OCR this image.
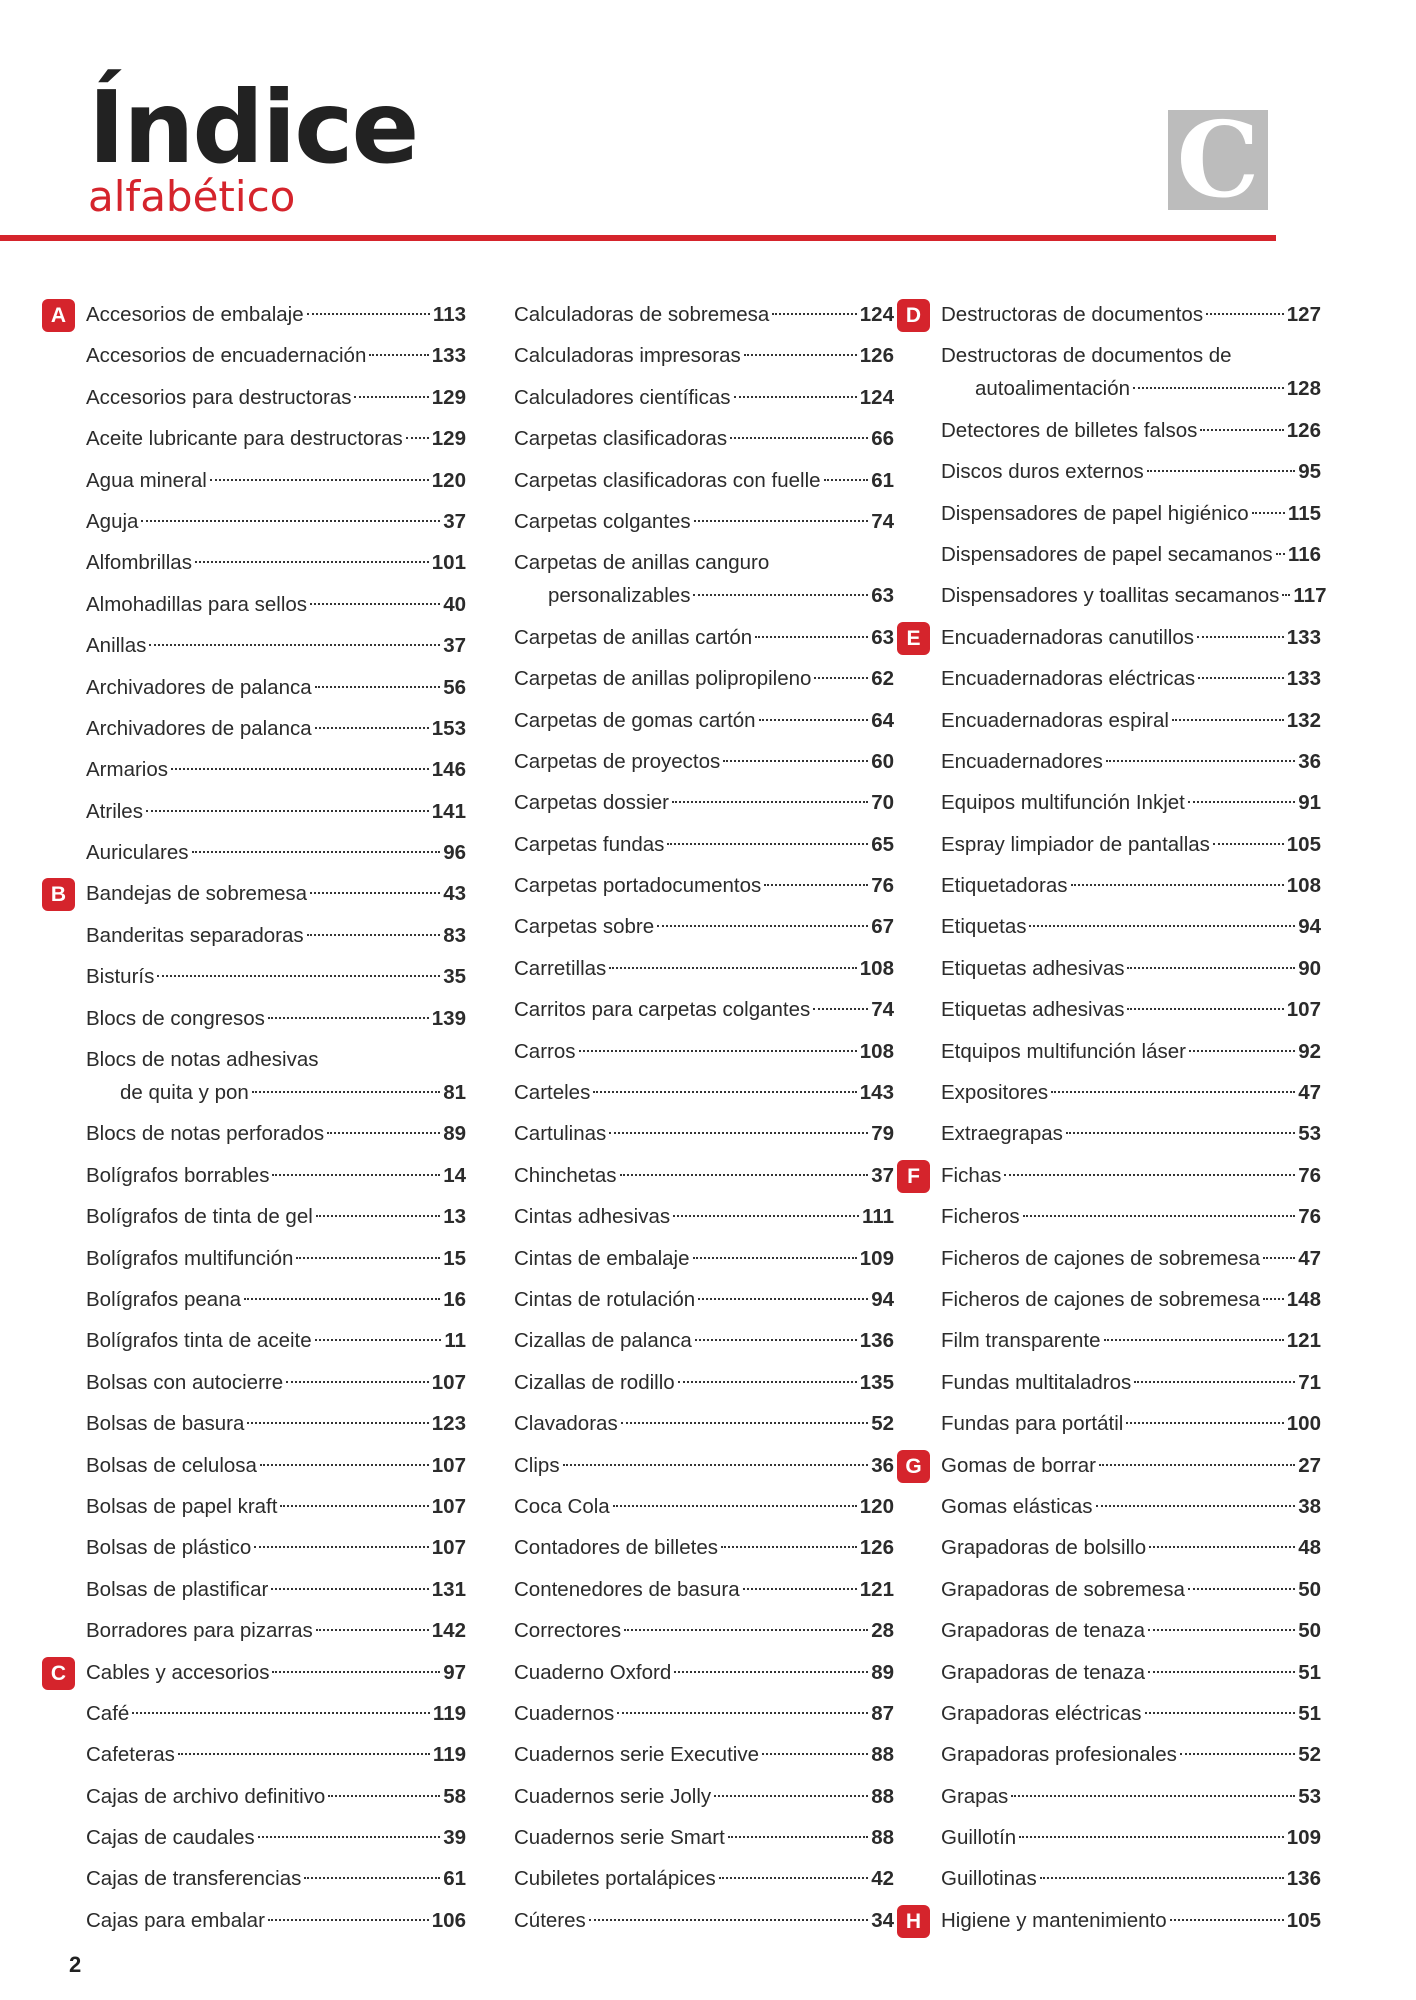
Índice
alfabético	C
A Accesorios de embalaje	113
Accesorios de encuadernación	133
Accesorios para destructoras	129
Aceite lubricante para destructoras 129
Agua mineral	120
Aguja	37
Alfombrillas	101
Almohadillas para sellos	40
Anillas	37
Archivadores de palanca	56
Archivadores de palanca	153
Armarios	146
Atriles	141
Auriculares	96
B Bandejas de sobremesa	43
Banderitas separadoras	83
Bisturís	35
Blocs de congresos	139
Blocs de notas adhesivas
de quita y pon	81
Blocs de notas perforados	89
Bolígrafos borrables	14
Bolígrafos de tinta de gel	13
Bolígrafos multifunción	15
Bolígrafos peana	16
Bolígrafos tinta de aceite	11
Bolsas con autocierre	107
Bolsas de basura	123
Bolsas de celulosa	107
Bolsas de papel kraft	107
Bolsas de plástico	107
Bolsas de plastificar	131
Borradores para pizarras	142
C Cables y accesorios	97
Café	119
Cafeteras	119
Cajas de archivo definitivo	58
Cajas de caudales	39
Cajas de transferencias	61
Cajas para embalar	106
Calculadoras de sobremesa	124
Calculadoras impresoras	126
Calculadores científicas	124
Carpetas clasificadoras	66
Carpetas clasificadoras con fuelle 61
Carpetas colgantes	74
Carpetas de anillas canguro
personalizables	63
Carpetas de anillas cartón	63
Carpetas de anillas polipropileno	62
Carpetas de gomas cartón	64
Carpetas de proyectos	60
Carpetas dossier	70
Carpetas fundas	65
Carpetas portadocumentos	76
Carpetas sobre	67
Carretillas	108
Carritos para carpetas colgantes	74
Carros	108
Carteles	143
Cartulinas	79
Chinchetas	37
Cintas adhesivas	111
Cintas de embalaje	109
Cintas de rotulación	94
Cizallas de palanca	136
Cizallas de rodillo	135
Clavadoras	52
Clips	36
Coca Cola	120
Contadores de billetes	126
Contenedores de basura	121
Correctores	28
Cuaderno Oxford	89
Cuadernos	87
Cuadernos serie Executive	88
Cuadernos serie Jolly	88
Cuadernos serie Smart	88
Cubiletes portalápices	42
Cúteres	34
D Destructoras de documentos	127
Destructoras de documentos de
autoalimentación	128
Detectores de billetes falsos	126
Discos duros externos	95
Dispensadores de papel higiénico 115
Dispensadores de papel secamanos 116
Dispensadores y toallitas secamanos 117
E	Encuadernadoras canutillos	133
Encuadernadoras eléctricas	133
Encuadernadoras espiral	132
Encuadernadores	36
Equipos multifunción Inkjet	91
Espray limpiador de pantallas	105
Etiquetadoras	108
Etiquetas	94
Etiquetas adhesivas	90
Etiquetas adhesivas	107
Etquipos multifunción láser	92
Expositores	47
Extraegrapas	53
F	Fichas	76
Ficheros	76
Ficheros de cajones de sobremesa 47
Ficheros de cajones de sobremesa 148
Film transparente	121
Fundas multitaladros	71
Fundas para portátil	100
G Gomas de borrar	27
Gomas elásticas	38
Grapadoras de bolsillo	48
Grapadoras de sobremesa	50
Grapadoras de tenaza	50
Grapadoras de tenaza	51
Grapadoras eléctricas	51
Grapadoras profesionales	52
Grapas	53
Guillotín	109
Guillotinas	136
H Higiene y mantenimiento	105
2
